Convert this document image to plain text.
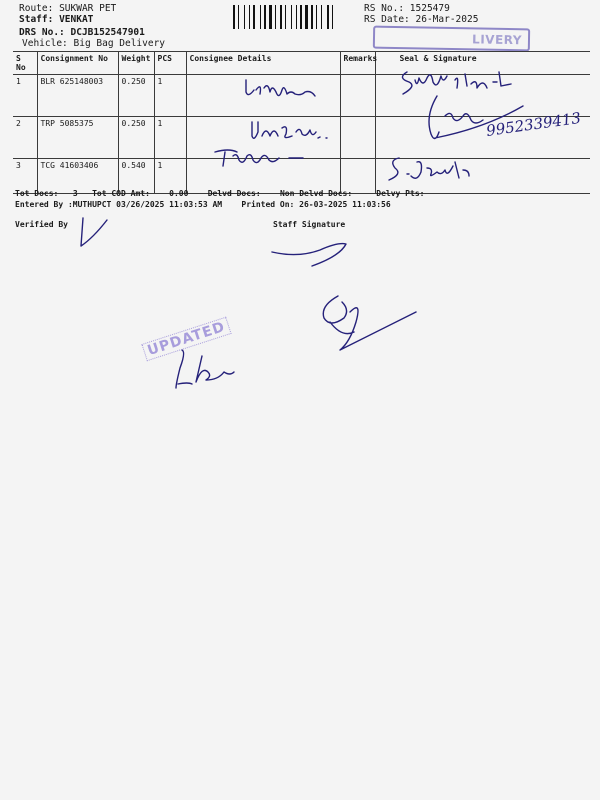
Route: SUKWAR PET
Staff: VENKAT
DRS No.: DCJB152547901
Vehicle: Big Bag Delivery
RS No.: 1525479
RS Date: 26-Mar-2025
LIVERY
S No	Consignment No	Weight	PCS	Consignee Details	Remarks	Seal & Signature
1	BLR 625148003	0.250	1			
2	TRP 5085375	0.250	1			
3	TCG 41603406	0.540	1			
Tot Docs: 3 Tot COD Amt: 0.00 Delvd Docs: Non Delvd Docs:	Delvy Pts:
Entered By :MUTHUPCT 03/26/2025 11:03:53 AM Printed On: 26-03-2025 11:03:56
Verified By	Staff Signature
9952339413
UPDATED
